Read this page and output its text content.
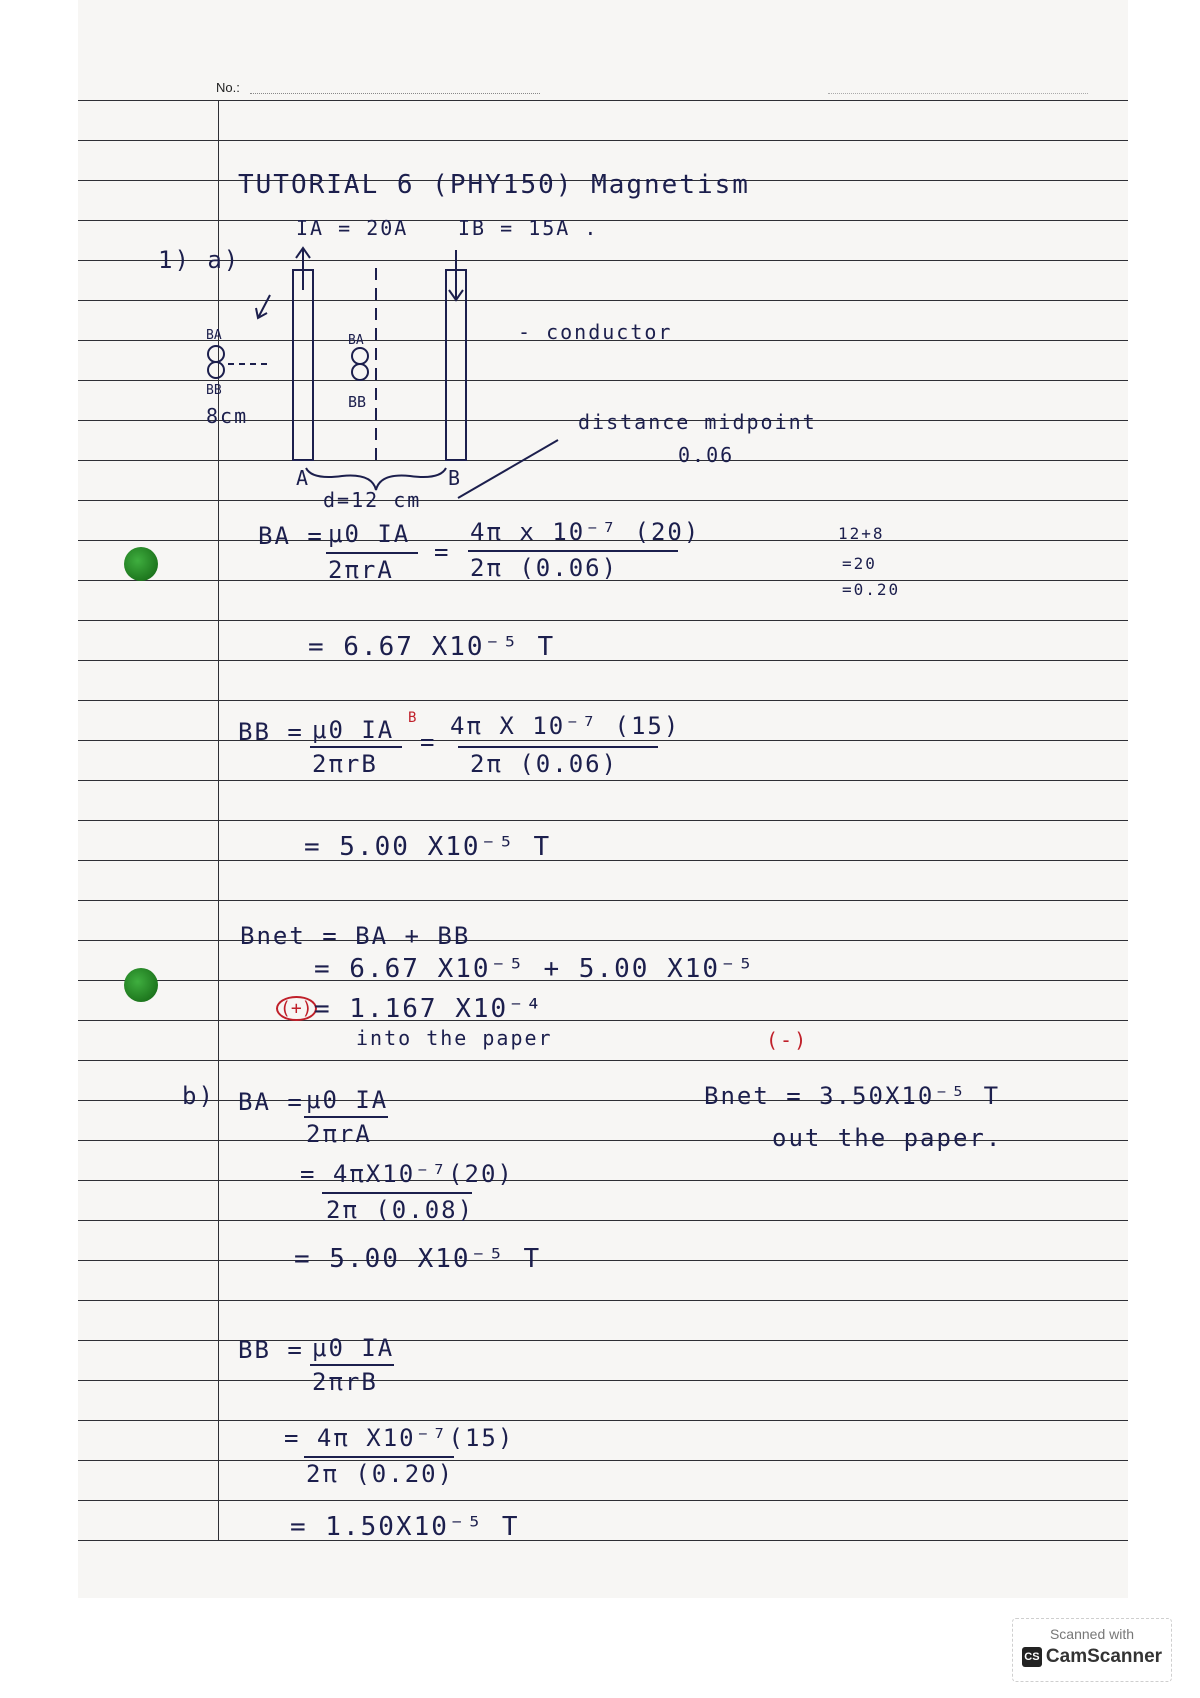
No.:
TUTORIAL 6 (PHY150) Magnetism
1) a)
IA = 20A IB = 15A .
BA
BB
BA
BB
8cm
A	B
d=12 cm
- conductor
distance midpoint
0.06
12+8
=20
=0.20
BA = μ0 IA
2πrA
=
4π x 10⁻⁷ (20)
2π (0.06)
= 6.67 X10⁻⁵ T
BB = μ0 IA B
2πrB
=
4π X 10⁻⁷ (15)
2π (0.06)
= 5.00 X10⁻⁵ T
Bnet = BA + BB
= 6.67 X10⁻⁵ + 5.00 X10⁻⁵
(+) = 1.167 X10⁻⁴
into the paper
b) BA = μ0 IA
2πrA
= 4πX10⁻⁷(20)
2π (0.08)
= 5.00 X10⁻⁵ T
BB = μ0 IA
2πrB
= 4π X10⁻⁷(15)
2π (0.20)
= 1.50X10⁻⁵ T
(-)
Bnet = 3.50X10⁻⁵ T
out the paper.
Scanned with
CS CamScanner
